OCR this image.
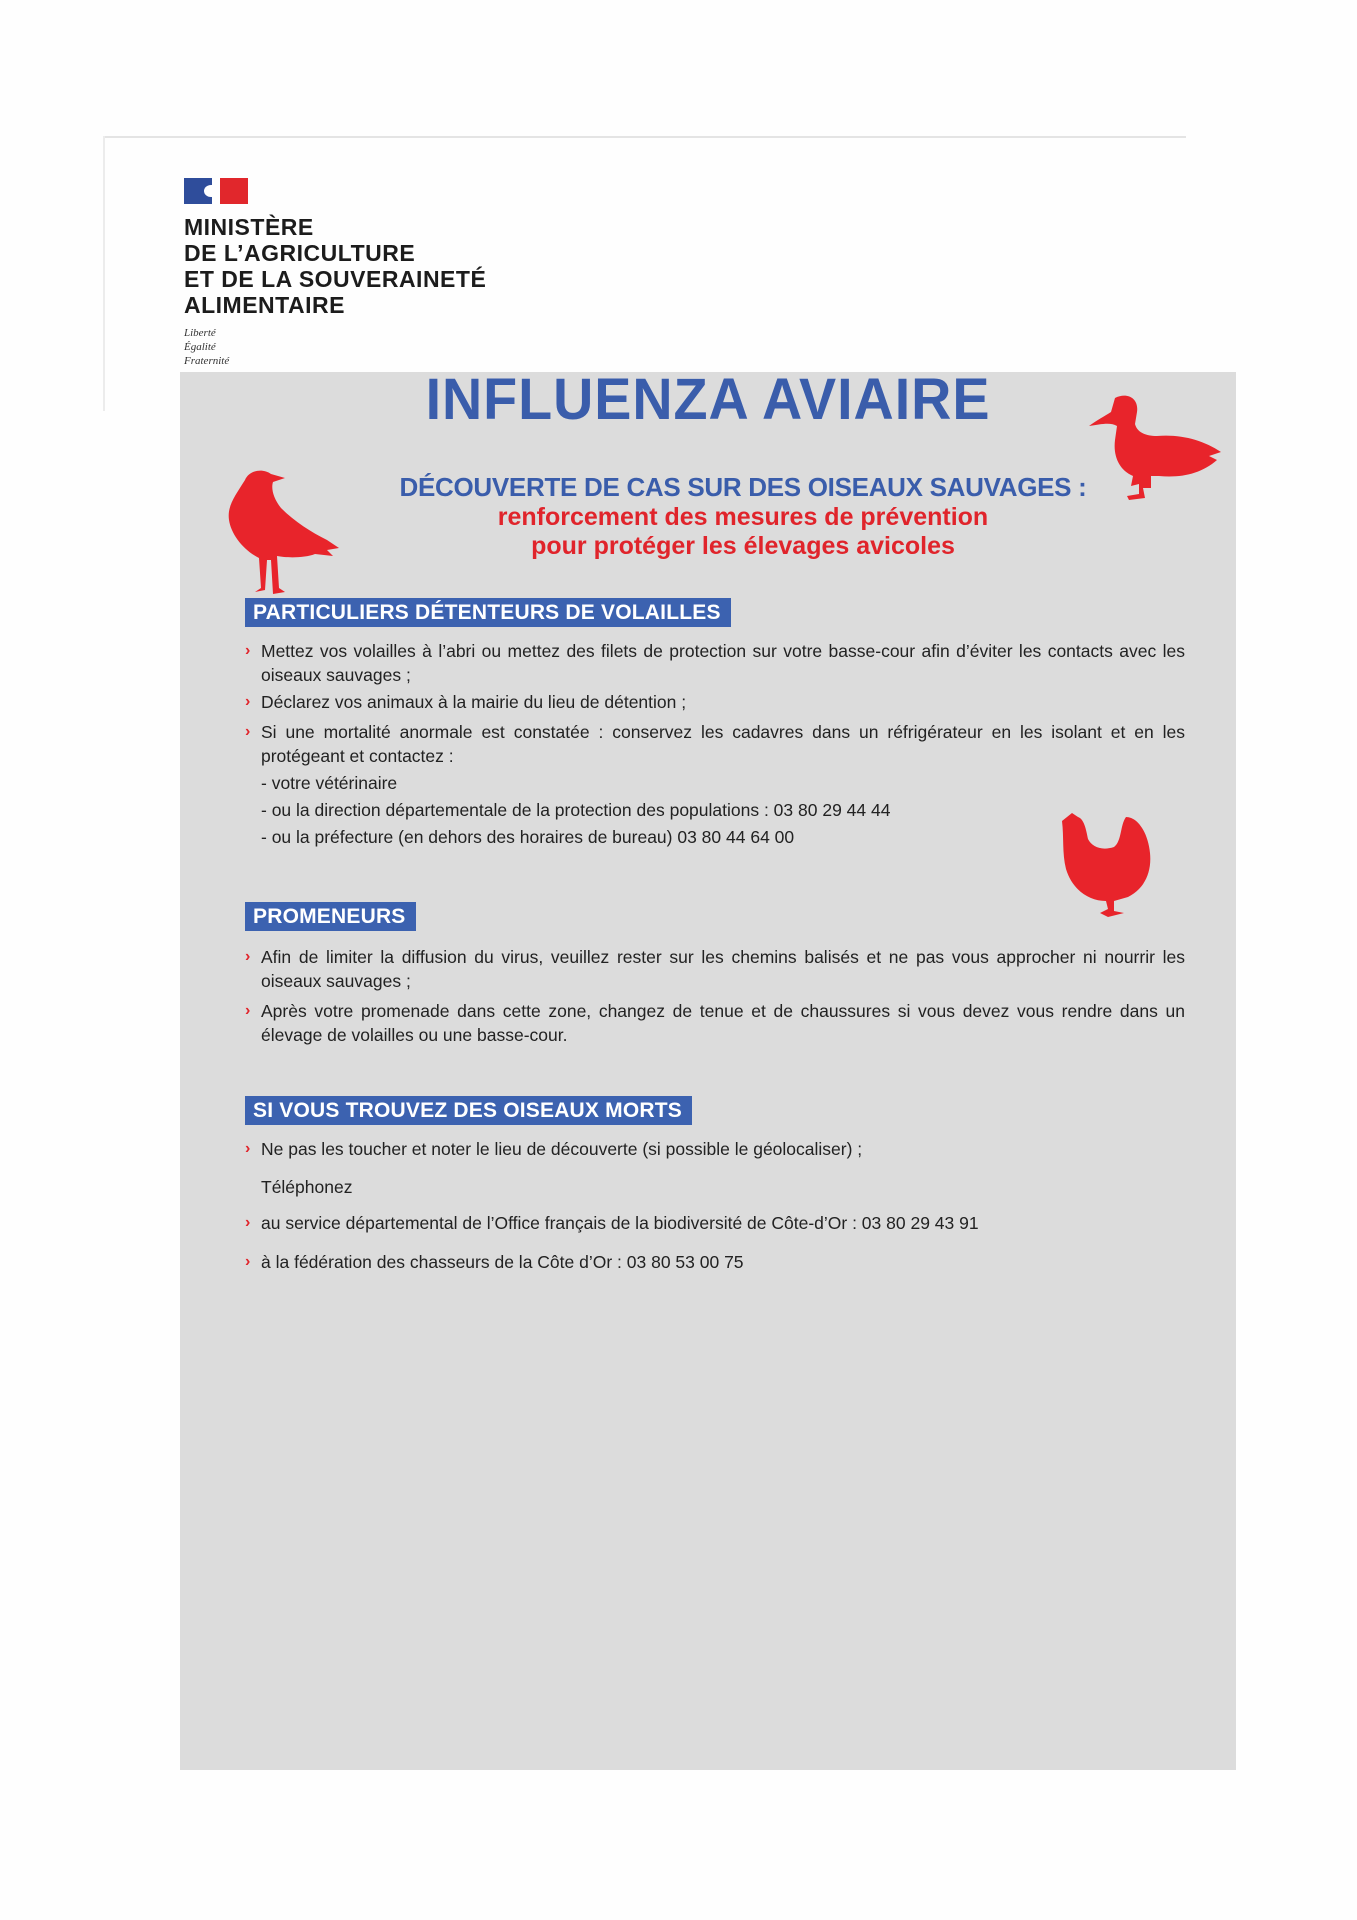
MINISTÈRE
DE L’AGRICULTURE
ET DE LA SOUVERAINETÉ
ALIMENTAIRE
Liberté
Égalité
Fraternité
INFLUENZA AVIAIRE
DÉCOUVERTE DE CAS SUR DES OISEAUX SAUVAGES :
renforcement des mesures de prévention
pour protéger les élevages avicoles
PARTICULIERS DÉTENTEURS DE VOLAILLES
› Mettez vos volailles à l’abri ou mettez des filets de protection sur votre basse-cour afin d’éviter les contacts avec les oiseaux sauvages ;
› Déclarez vos animaux à la mairie du lieu de détention ;
› Si une mortalité anormale est constatée : conservez les cadavres dans un réfrigérateur en les isolant et en les protégeant et contactez :
- votre vétérinaire
- ou la direction départementale de la protection des populations : 03 80 29 44 44
- ou la préfecture (en dehors des horaires de bureau) 03 80 44 64 00
PROMENEURS
› Afin de limiter la diffusion du virus, veuillez rester sur les chemins balisés et ne pas vous approcher ni nourrir les oiseaux sauvages ;
› Après votre promenade dans cette zone, changez de tenue et de chaussures si vous devez vous rendre dans un élevage de volailles ou une basse-cour.
SI VOUS TROUVEZ DES OISEAUX MORTS
› Ne pas les toucher et noter le lieu de découverte (si possible le géolocaliser) ;
Téléphonez
› au service départemental de l’Office français de la biodiversité de Côte-d’Or : 03 80 29 43 91
› à la fédération des chasseurs de la Côte d’Or : 03 80 53 00 75
